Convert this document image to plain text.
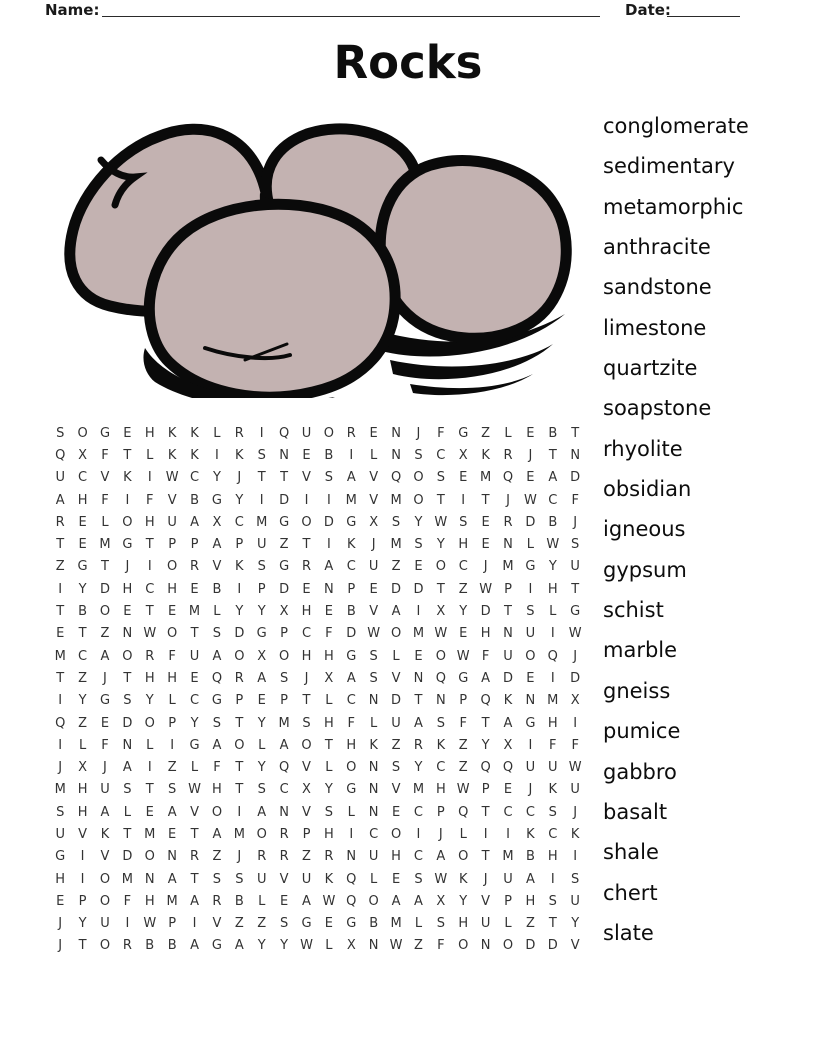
Name:	Date:
Rocks
S	O G	E	H	K	K	L	R	I	Q U O R	E	N	J	F	G Z	L	E	B	T
Q X	F	T	L	K	K	I	K	S	N	E	B	I	L	N	S	C	X	K	R	J	T	N
U	C	V	K	I	W C	Y	J	T	T	V	S	A	V Q O	S	E M Q	E	A D
A	H	F	I	F	V	B G	Y	I	D	I	I	M V M O	T	I	T	J	W C	F
R	E	L	O H U	A	X	C M G O D G X	S	Y W S	E	R D B	J
T	E M G	T	P	P	A	P	U	Z	T	I	K	J	M S	Y	H	E	N	L W S
Z G	T	J	I	O R	V	K	S	G R	A	C	U	Z	E	O C	J	M G	Y	U
I	Y	D H C H	E	B	I	P	D	E	N	P	E	D D	T	Z W P	I	H	T
T	B O	E	T	E M	L	Y	Y	X	H	E	B	V	A	I	X	Y	D	T	S	L	G
E	T	Z	N W O	T	S	D G	P	C	F	D W O M W E	H N U	I	W
M C	A O R	F	U	A O X O H H G	S	L	E	O W F	U O Q	J
T	Z	J	T	H H	E	Q R	A	S	J	X	A	S	V	N Q G A D	E	I	D
I	Y	G	S	Y	L	C G	P	E	P	T	L	C N D	T	N	P	Q	K	N M X
Q Z	E	D O	P	Y	S	T	Y M S	H	F	L	U	A	S	F	T	A G H	I
I	L	F	N	L	I	G A O	L	A O	T	H	K	Z	R	K	Z	Y	X	I	F	F
J	X	J	A	I	Z	L	F	T	Y	Q V	L	O N	S	Y	C	Z Q Q U U W
M H U	S	T	S W H	T	S	C	X	Y	G N	V M H W P	E	J	K	U
S	H	A	L	E	A	V O	I	A	N	V	S	L	N	E	C	P	Q	T	C	C	S	J
U	V	K	T M E	T	A M O R	P	H	I	C O	I	J	L	I	I	K	C	K
G	I	V D O N	R	Z	J	R	R	Z	R	N U H C	A O	T M B	H	I
H	I	O M N	A	T	S	S	U	V	U	K	Q	L	E	S W K	J	U	A	I	S
E	P	O	F	H M A	R	B	L	E	A W Q O A	A	X	Y	V	P	H	S	U
J	Y	U	I	W P	I	V	Z	Z	S	G	E	G B M	L	S	H U	L	Z	T	Y
J	T	O R	B	B	A G A	Y	Y W L	X	N W Z	F	O N O D D V
conglomerate
sedimentary
metamorphic
anthracite
sandstone
limestone
quartzite
soapstone
rhyolite
obsidian
igneous
gypsum
schist
marble
gneiss
pumice
gabbro
basalt
shale
chert
slate
